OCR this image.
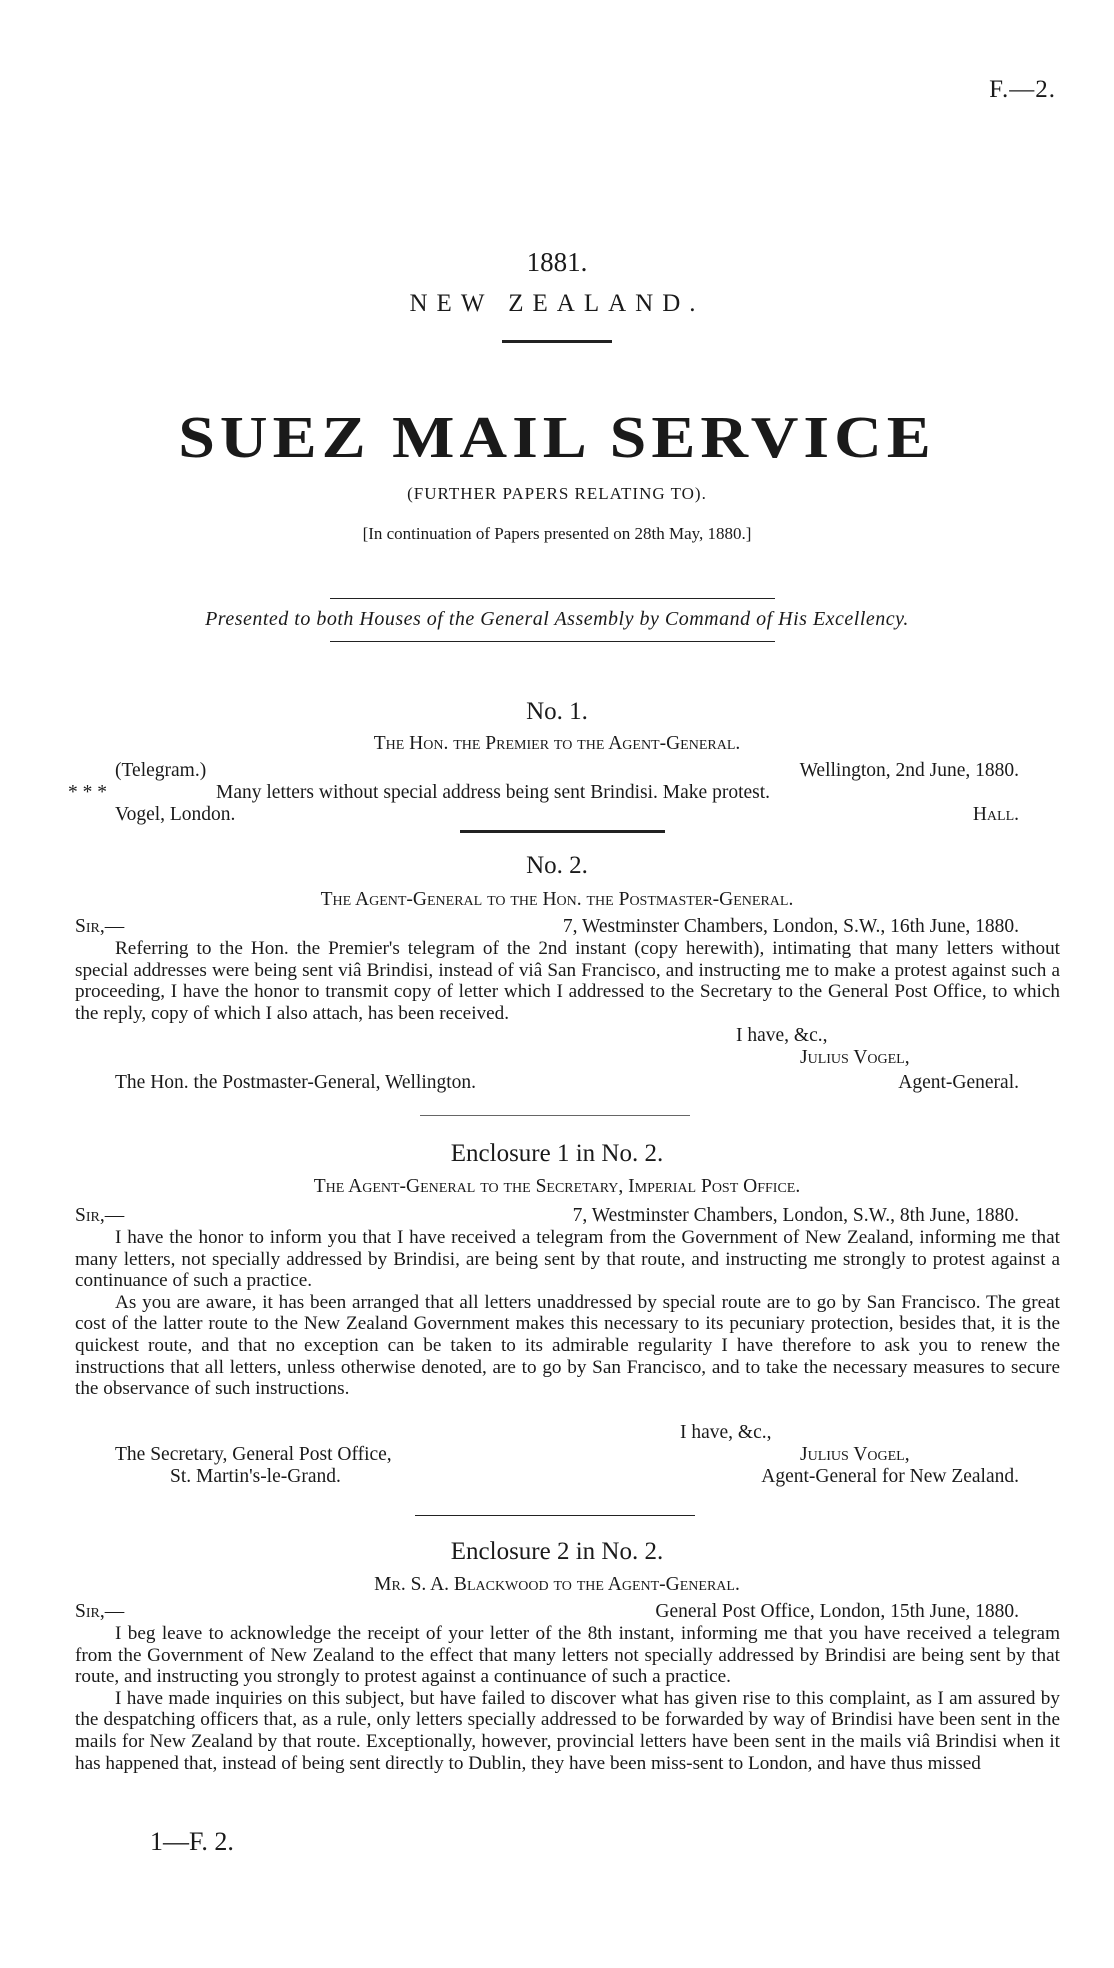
F.—2.
1881.
NEW ZEALAND.
SUEZ MAIL SERVICE
(FURTHER PAPERS RELATING TO).
[In continuation of Papers presented on 28th May, 1880.]
Presented to both Houses of the General Assembly by Command of His Excellency.
No. 1.
The Hon. the Premier to the Agent-General.
(Telegram.)	Wellington, 2nd June, 1880.
* * *	Many letters without special address being sent Brindisi. Make protest.
Vogel, London.	Hall.
No. 2.
The Agent-General to the Hon. the Postmaster-General.
Sir,—	7, Westminster Chambers, London, S.W., 16th June, 1880.

Referring to the Hon. the Premier's telegram of the 2nd instant (copy herewith), intimating that many letters without special addresses were being sent viâ Brindisi, instead of viâ San Francisco, and instructing me to make a protest against such a proceeding, I have the honor to transmit copy of letter which I addressed to the Secretary to the General Post Office, to which the reply, copy of which I also attach, has been received.

I have, &c.,
Julius Vogel,
The Hon. the Postmaster-General, Wellington.	Agent-General.
Enclosure 1 in No. 2.
The Agent-General to the Secretary, Imperial Post Office.
Sir,—	7, Westminster Chambers, London, S.W., 8th June, 1880.

I have the honor to inform you that I have received a telegram from the Government of New Zealand, informing me that many letters, not specially addressed by Brindisi, are being sent by that route, and instructing me strongly to protest against a continuance of such a practice.

As you are aware, it has been arranged that all letters unaddressed by special route are to go by San Francisco. The great cost of the latter route to the New Zealand Government makes this necessary to its pecuniary protection, besides that, it is the quickest route, and that no exception can be taken to its admirable regularity I have therefore to ask you to renew the instructions that all letters, unless otherwise denoted, are to go by San Francisco, and to take the necessary measures to secure the observance of such instructions.

I have, &c.,
The Secretary, General Post Office,	Julius Vogel,
St. Martin's-le-Grand.	Agent-General for New Zealand.
Enclosure 2 in No. 2.
Mr. S. A. Blackwood to the Agent-General.
Sir,—	General Post Office, London, 15th June, 1880.

I beg leave to acknowledge the receipt of your letter of the 8th instant, informing me that you have received a telegram from the Government of New Zealand to the effect that many letters not specially addressed by Brindisi are being sent by that route, and instructing you strongly to protest against a continuance of such a practice.

I have made inquiries on this subject, but have failed to discover what has given rise to this complaint, as I am assured by the despatching officers that, as a rule, only letters specially addressed to be forwarded by way of Brindisi have been sent in the mails for New Zealand by that route. Exceptionally, however, provincial letters have been sent in the mails viâ Brindisi when it has happened that, instead of being sent directly to Dublin, they have been miss-sent to London, and have thus missed

1—F. 2.
